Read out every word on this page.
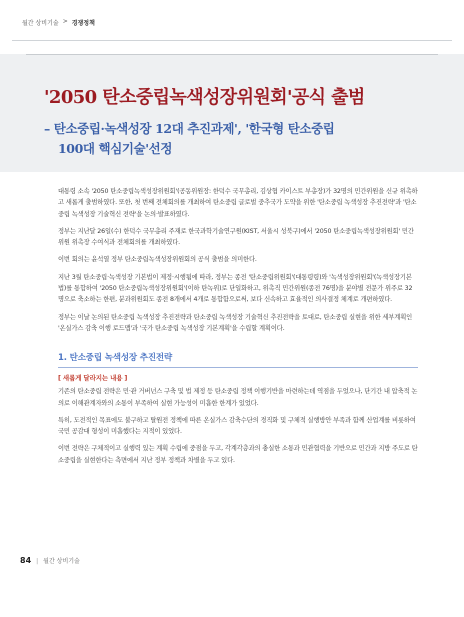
월간 상비기술 > 경쟁정책
'2050 탄소중립녹색성장위원회'공식 출범
– 탄소중립·녹색성장 12대 추진과제', '한국형 탄소중립
100대 핵심기술'선정

대통령 소속 '2050 탄소중립녹색성장위원회'(공동위원장: 한덕수 국무총리, 김상협 카이스트 부총장)가 32명의 민간위원을 신규 위촉하고 새롭게 출범하였다. 또한, 첫 번째 전체회의를 개최하여 탄소중립 글로벌 중추국가 도약을 위한 '탄소중립 녹색성장 추진전략'과 '탄소중립 녹색성장 기술혁신 전략'을 논의·발표하였다.

정부는 지난달 26일(수) 한덕수 국무총리 주재로 한국과학기술연구원(KIST, 서울시 성북구)에서 '2050 탄소중립녹색성장위원회' 민간위원 위촉장 수여식과 전체회의를 개최하였다.

이번 회의는 윤석열 정부 탄소중립녹색성장위원회의 공식 출범을 의미한다.

지난 3월 탄소중립·녹색성장 기본법이 제정·시행됨에 따라, 정부는 종전 '탄소중립위원회'(대통령령)와 '녹색성장위원회'(녹색성장기본법)를 통합하여 '2050 탄소중립녹색성장위원회'(이하 탄녹위)로 단일화하고, 위촉직 민간위원(종전 76명)을 분야별 전문가 위주로 32명으로 축소하는 한편, 분과위원회도 종전 8개에서 4개로 통합함으로써, 보다 신속하고 효율적인 의사결정 체계로 개편하였다.

정부는 이날 논의된 탄소중립 녹색성장 추진전략과 탄소중립 녹색성장 기술혁신 추진전략을 토대로, 탄소중립 실현을 위한 세부계획인 '온실가스 감축 이행 로드맵'과 '국가 탄소중립 녹색성장 기본계획'을 수립할 계획이다.

1. 탄소중립 녹색성장 추진전략
[ 새롭게 달라지는 내용 ]

기존의 탄소중립 전략은 민·관 거버넌스 구축 및 법 제정 등 탄소중립 정책 이행기반을 마련하는데 역점을 두었으나, 단기간 내 압축적 논의로 이해관계자와의 소통이 부족하여 실현 가능성이 미흡한 한계가 있었다.

특히, 도전적인 목표에도 불구하고 탈원전 정책에 따른 온실가스 감축수단의 경직화 및 구체적 실행방안 부족과 함께 산업계를 비롯하여 국민 공감대 형성이 미흡했다는 지적이 있었다.

이번 전략은 구체적이고 실행력 있는 계획 수립에 중점을 두고, 각계각층과의 충실한 소통과 민관협력을 기반으로 민간과 지방 주도로 탄소중립을 실현한다는 측면에서 지난 정부 정책과 차별을 두고 있다.

84 | 월간 상비기술
